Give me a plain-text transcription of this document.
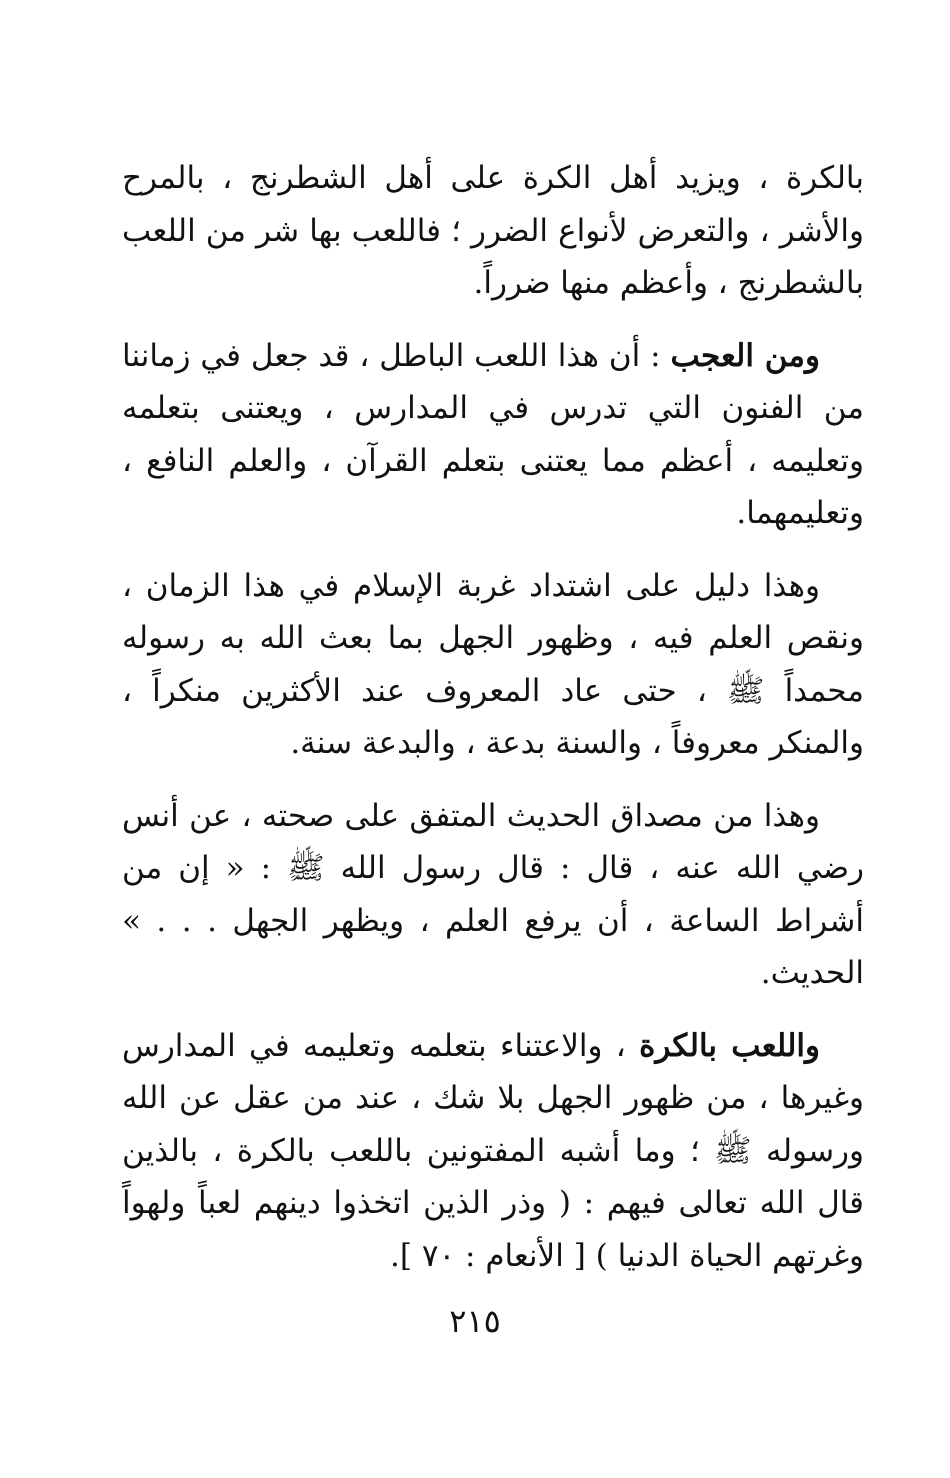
بالكرة ، ويزيد أهل الكرة على أهل الشطرنج ، بالمرح والأشر ، والتعرض لأنواع الضرر ؛ فاللعب بها شر من اللعب بالشطرنج ، وأعظم منها ضرراً.

ومن العجب : أن هذا اللعب الباطل ، قد جعل في زماننا من الفنون التي تدرس في المدارس ، ويعتنى بتعلمه وتعليمه ، أعظم مما يعتنى بتعلم القرآن ، والعلم النافع ، وتعليمهما.

وهذا دليل على اشتداد غربة الإسلام في هذا الزمان ، ونقص العلم فيه ، وظهور الجهل بما بعث الله به رسوله محمداً ﷺ ، حتى عاد المعروف عند الأكثرين منكراً ، والمنكر معروفاً ، والسنة بدعة ، والبدعة سنة.

وهذا من مصداق الحديث المتفق على صحته ، عن أنس رضي الله عنه ، قال : قال رسول الله ﷺ : « إن من أشراط الساعة ، أن يرفع العلم ، ويظهر الجهل . . . » الحديث.

واللعب بالكرة ، والاعتناء بتعلمه وتعليمه في المدارس وغيرها ، من ظهور الجهل بلا شك ، عند من عقل عن الله ورسوله ﷺ ؛ وما أشبه المفتونين باللعب بالكرة ، بالذين قال الله تعالى فيهم : ( وذر الذين اتخذوا دينهم لعباً ولهواً وغرتهم الحياة الدنيا ) [ الأنعام : ٧٠ ].

٢١٥
